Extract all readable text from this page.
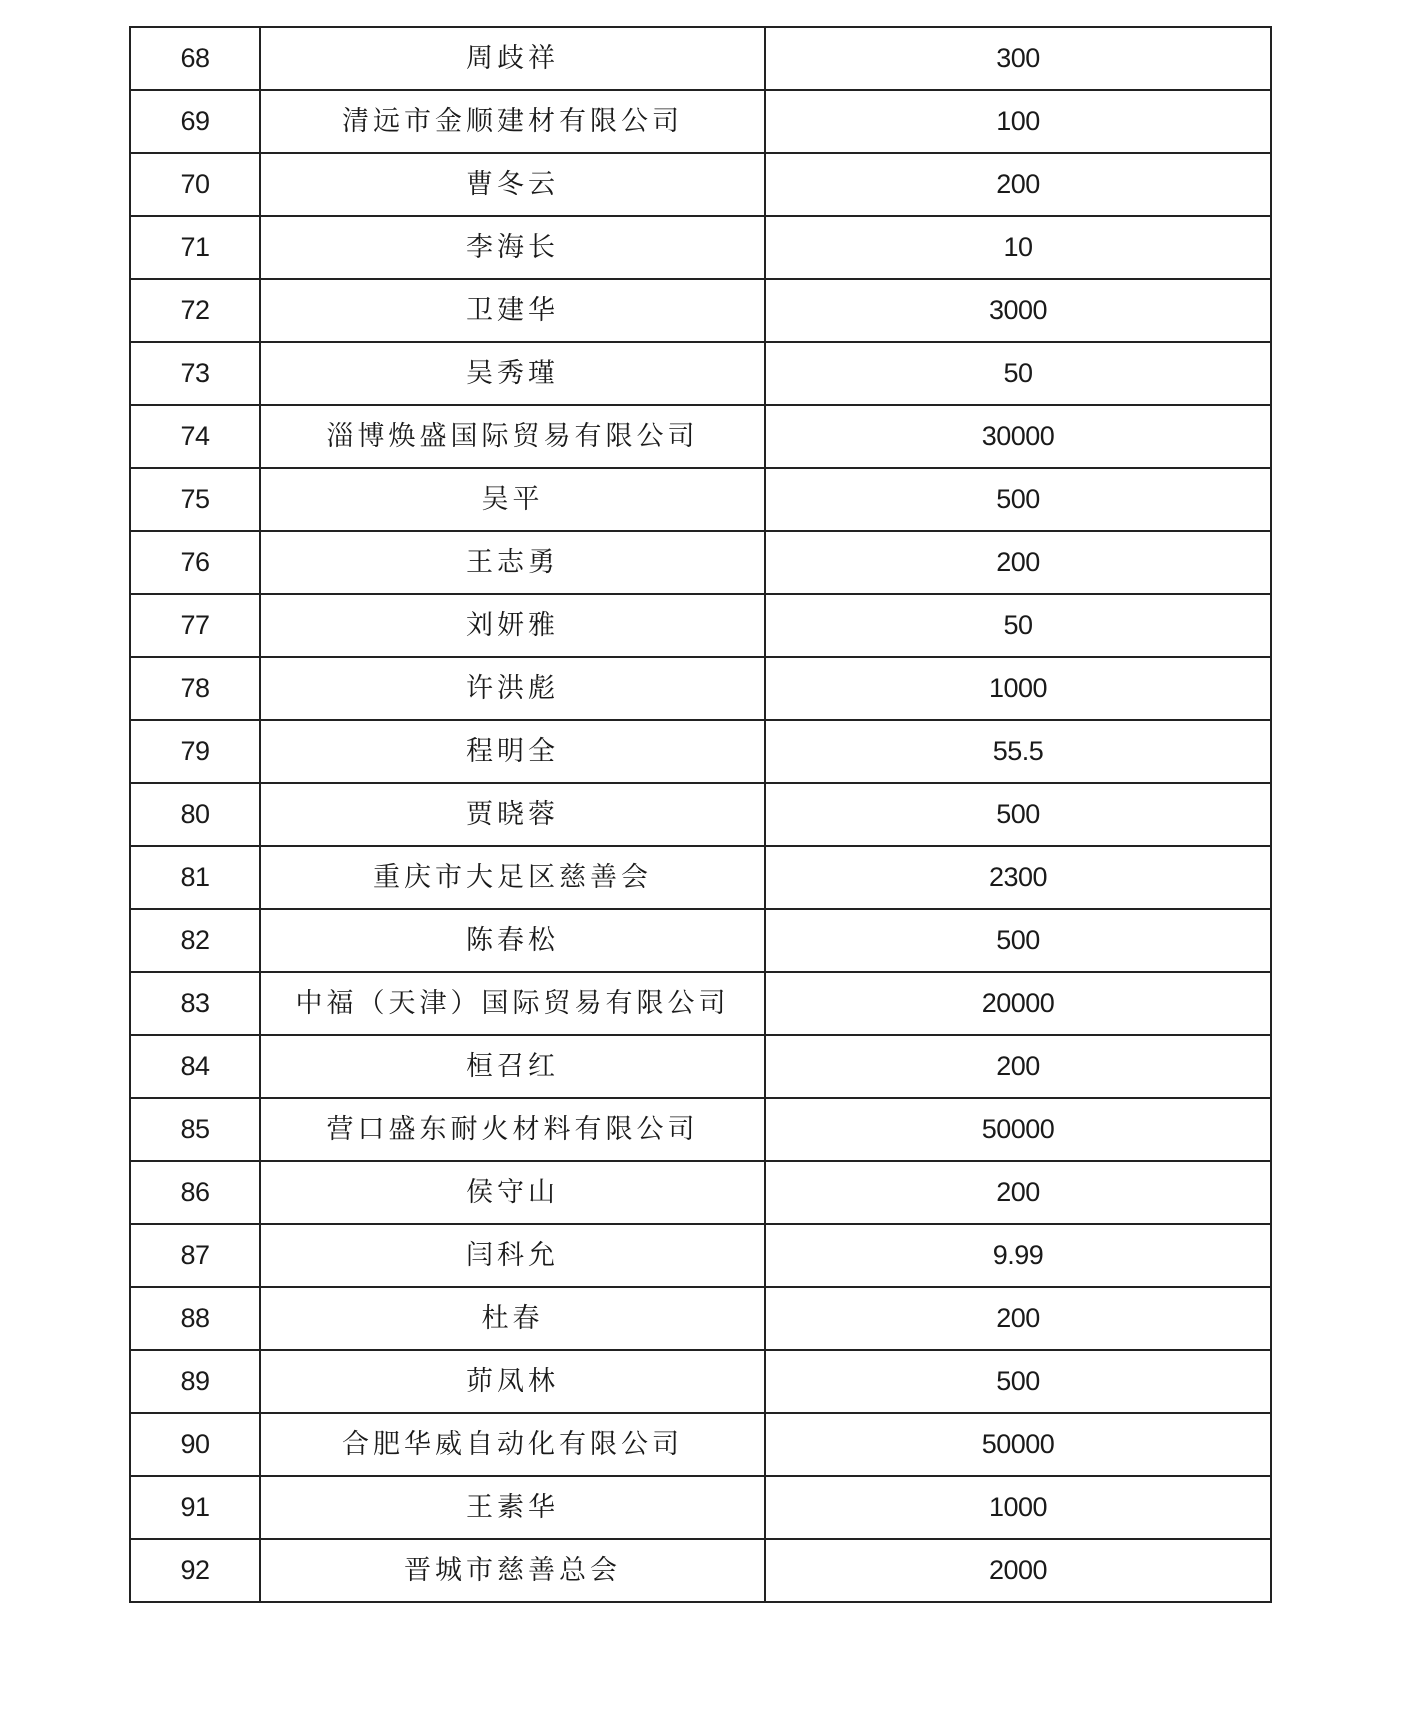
68	周歧祥	300
69	清远市金顺建材有限公司	100
70	曹冬云	200
71	李海长	10
72	卫建华	3000
73	吴秀瑾	50
74	淄博焕盛国际贸易有限公司	30000
75	吴平	500
76	王志勇	200
77	刘妍雅	50
78	许洪彪	1000
79	程明全	55.5
80	贾晓蓉	500
81	重庆市大足区慈善会	2300
82	陈春松	500
83	中福（天津）国际贸易有限公司	20000
84	桓召红	200
85	营口盛东耐火材料有限公司	50000
86	侯守山	200
87	闫科允	9.99
88	杜春	200
89	茆凤林	500
90	合肥华威自动化有限公司	50000
91	王素华	1000
92	晋城市慈善总会	2000
